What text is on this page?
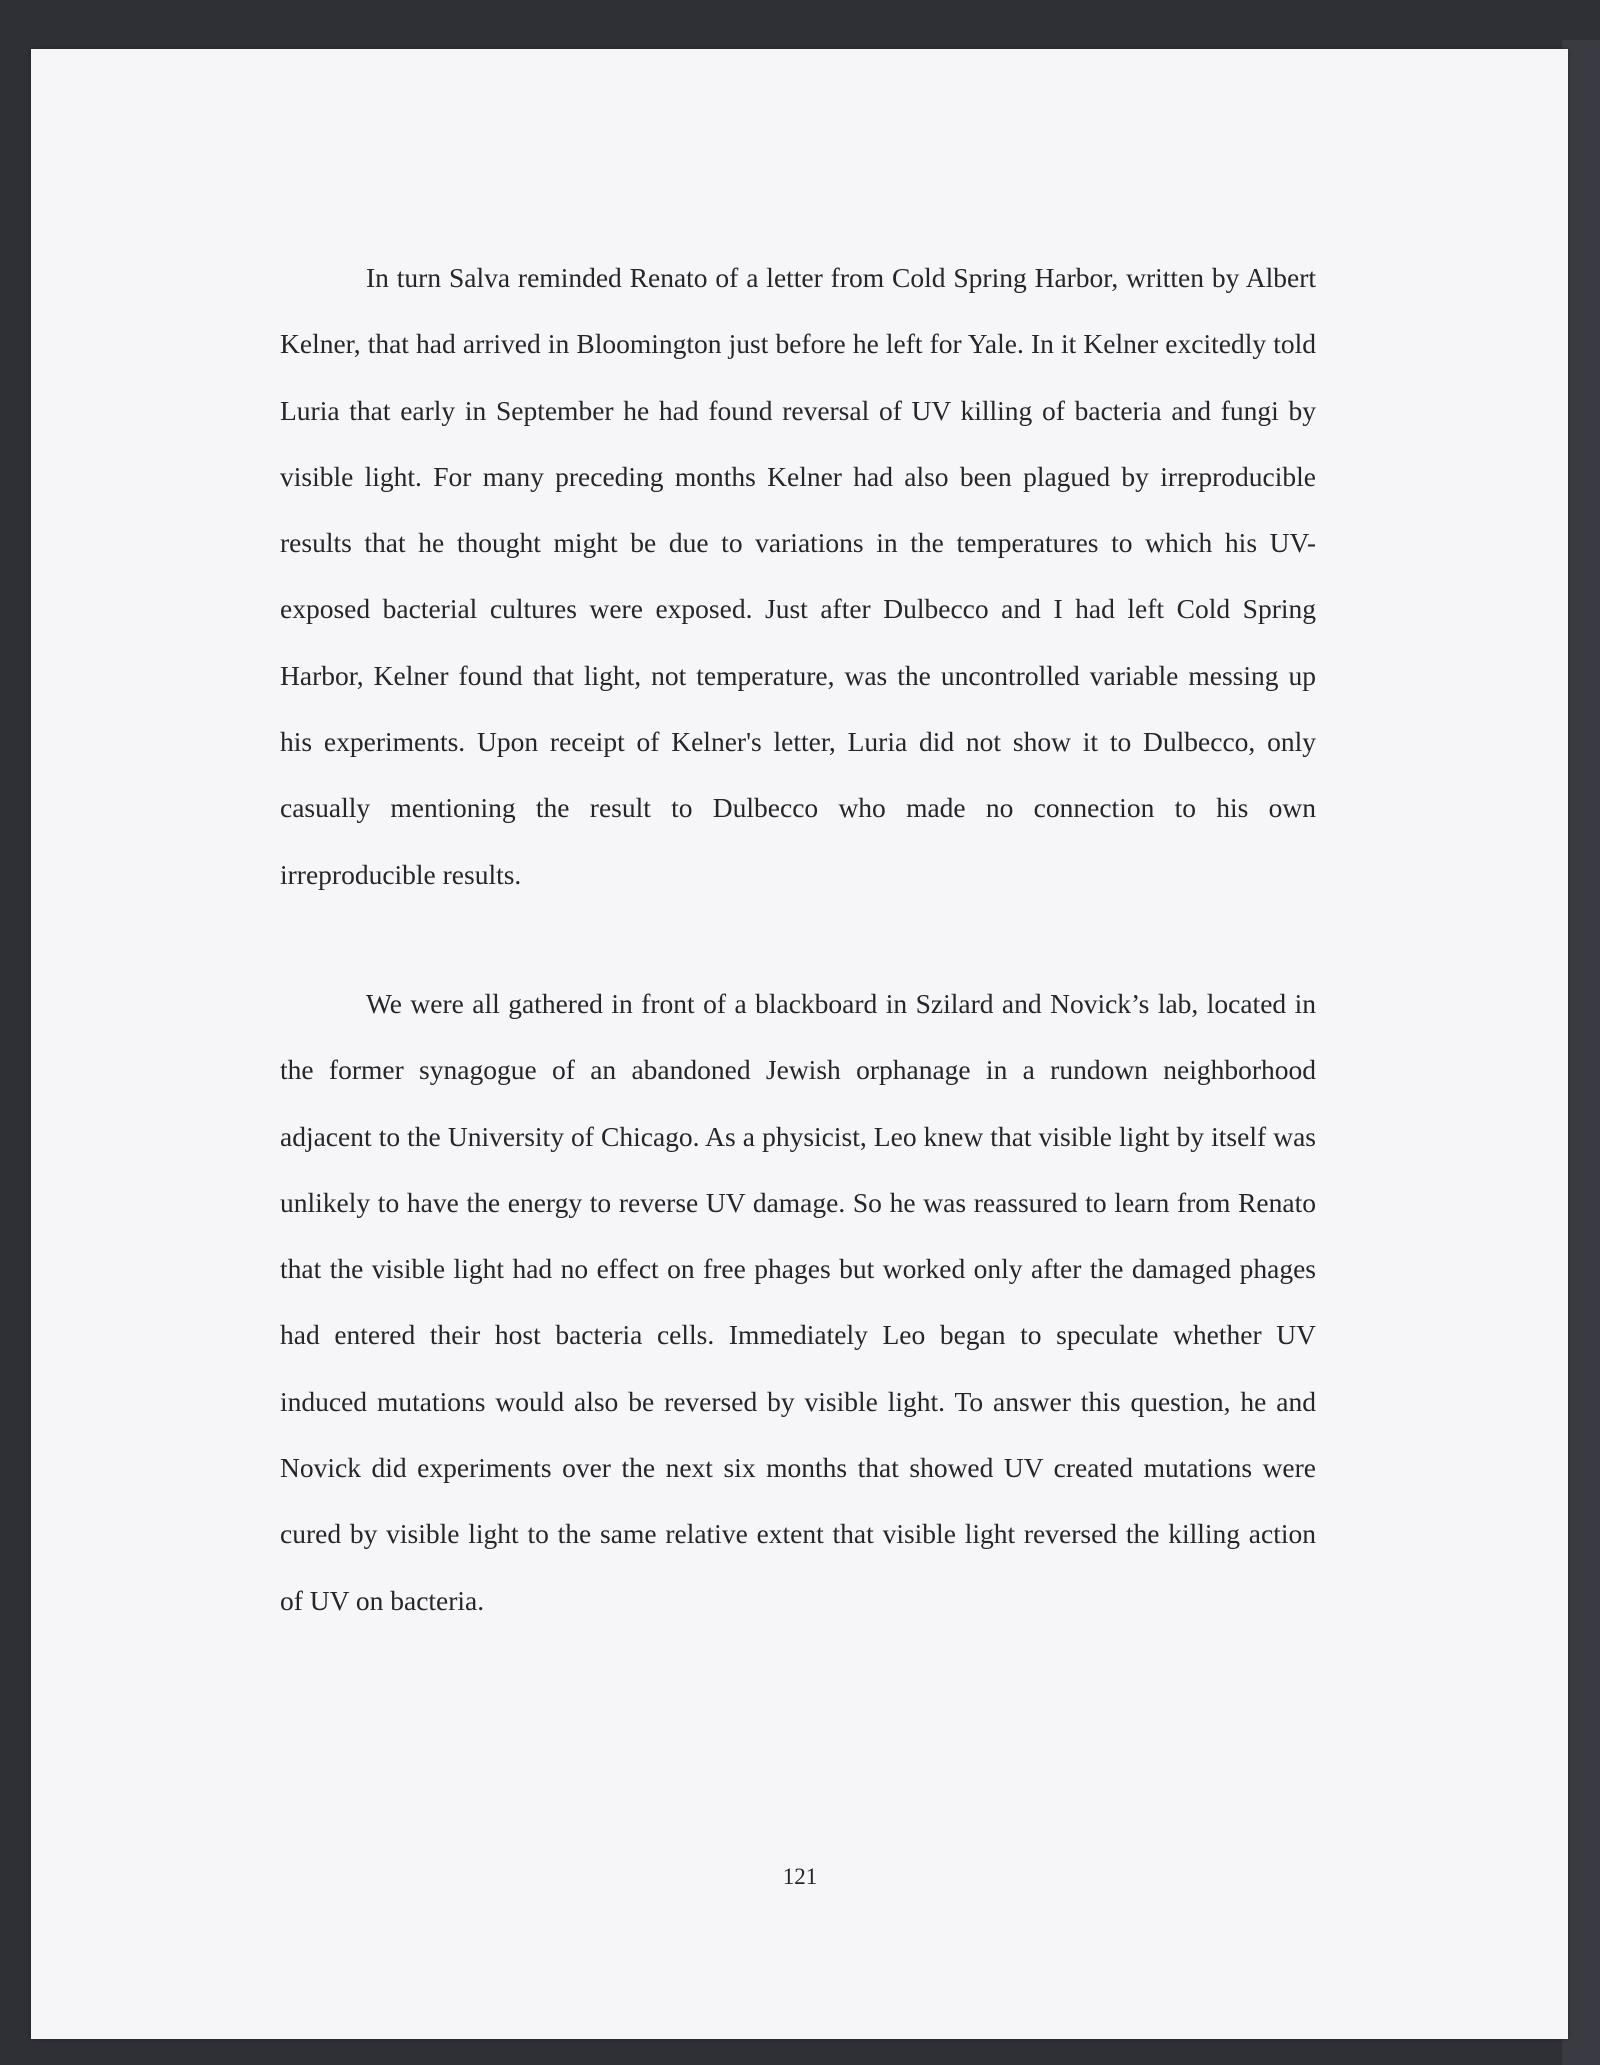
In turn Salva reminded Renato of a letter from Cold Spring Harbor, written by Albert Kelner, that had arrived in Bloomington just before he left for Yale. In it Kelner excitedly told Luria that early in September he had found reversal of UV killing of bacteria and fungi by visible light. For many preceding months Kelner had also been plagued by irreproducible results that he thought might be due to variations in the temperatures to which his UV-exposed bacterial cultures were exposed. Just after Dulbecco and I had left Cold Spring Harbor, Kelner found that light, not temperature, was the uncontrolled variable messing up his experiments. Upon receipt of Kelner's letter, Luria did not show it to Dulbecco, only casually mentioning the result to Dulbecco who made no connection to his own irreproducible results.

We were all gathered in front of a blackboard in Szilard and Novick’s lab, located in the former synagogue of an abandoned Jewish orphanage in a rundown neighborhood adjacent to the University of Chicago. As a physicist, Leo knew that visible light by itself was unlikely to have the energy to reverse UV damage. So he was reassured to learn from Renato that the visible light had no effect on free phages but worked only after the damaged phages had entered their host bacteria cells. Immediately Leo began to speculate whether UV induced mutations would also be reversed by visible light. To answer this question, he and Novick did experiments over the next six months that showed UV created mutations were cured by visible light to the same relative extent that visible light reversed the killing action of UV on bacteria.

121
